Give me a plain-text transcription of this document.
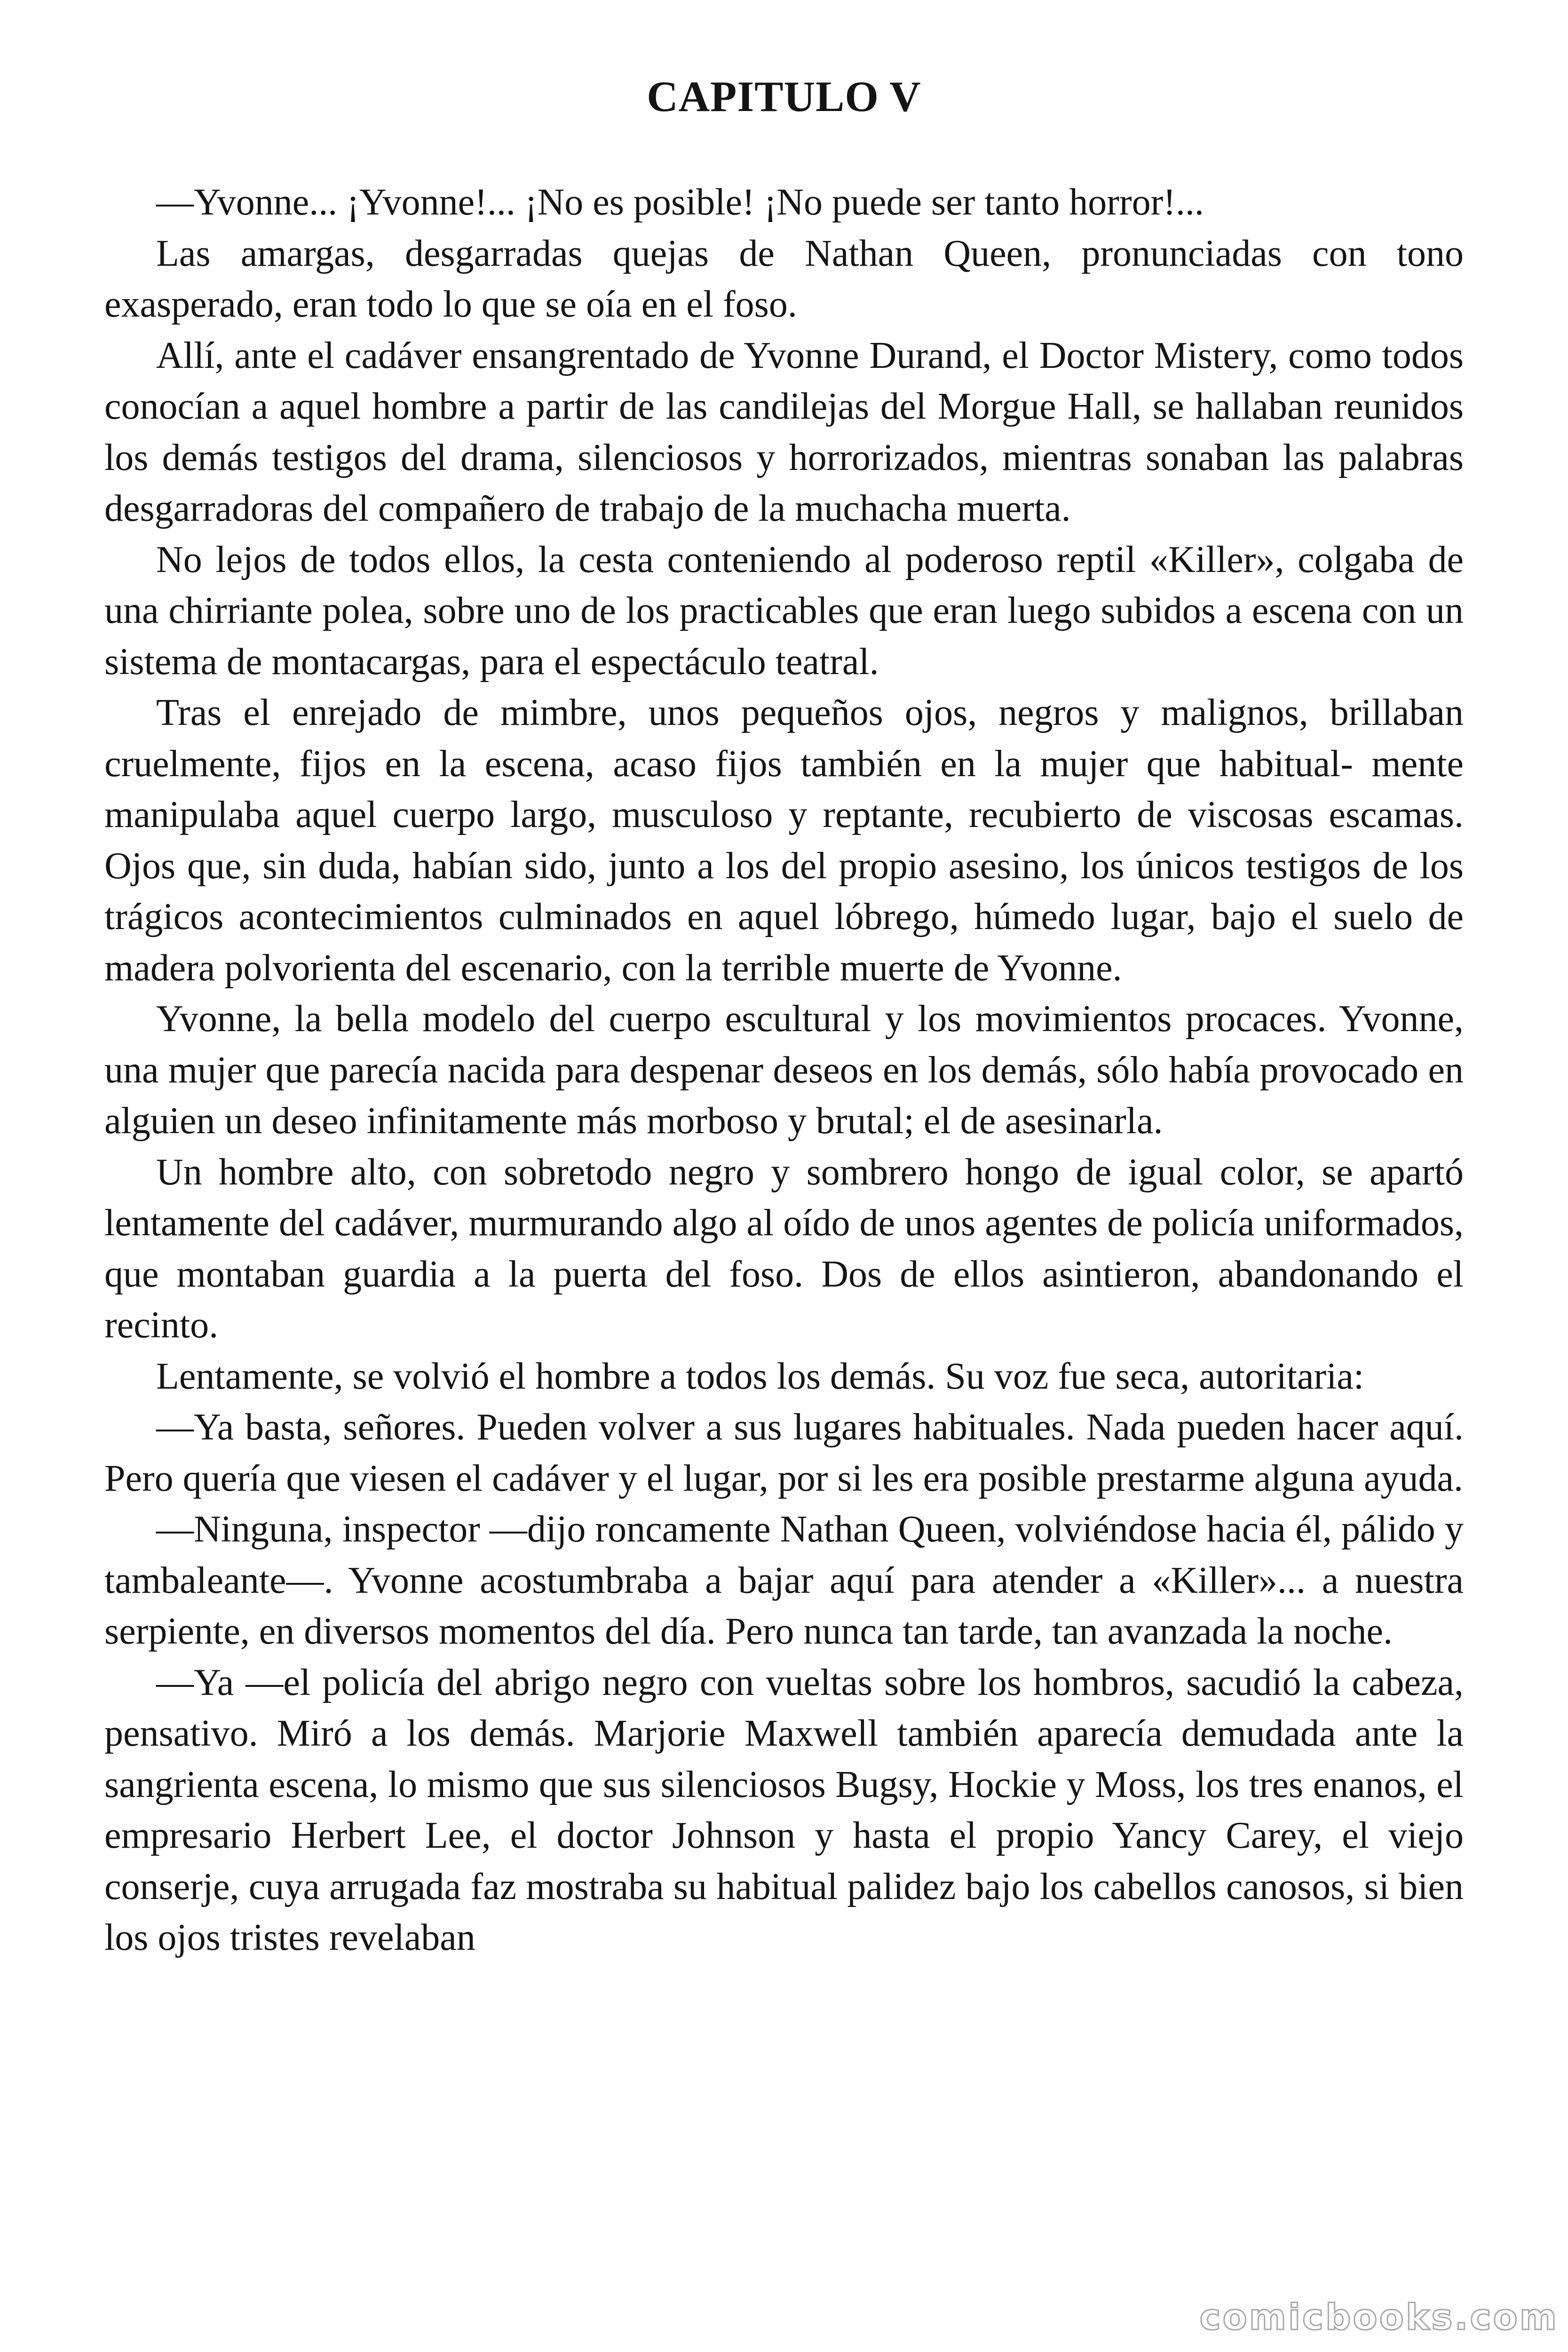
CAPITULO V

—Yvonne... ¡Yvonne!... ¡No es posible! ¡No puede ser tanto horror!...

Las amargas, desgarradas quejas de Nathan Queen, pronunciadas con tono exasperado, eran todo lo que se oía en el foso.

Allí, ante el cadáver ensangrentado de Yvonne Durand, el Doctor Mistery, como todos conocían a aquel hombre a partir de las candilejas del Morgue Hall, se hallaban reunidos los demás testigos del drama, silenciosos y horrorizados, mientras sonaban las palabras desgarradoras del compañero de trabajo de la muchacha muerta.

No lejos de todos ellos, la cesta conteniendo al poderoso reptil «Killer», colgaba de una chirriante polea, sobre uno de los practicables que eran luego subidos a escena con un sistema de montacargas, para el espectáculo teatral.

Tras el enrejado de mimbre, unos pequeños ojos, negros y malignos, brillaban cruelmente, fijos en la escena, acaso fijos también en la mujer que habitual- mente manipulaba aquel cuerpo largo, musculoso y reptante, recubierto de viscosas escamas. Ojos que, sin duda, habían sido, junto a los del propio asesino, los únicos testigos de los trágicos acontecimientos culminados en aquel lóbrego, húmedo lugar, bajo el suelo de madera polvorienta del escenario, con la terrible muerte de Yvonne.

Yvonne, la bella modelo del cuerpo escultural y los movimientos procaces. Yvonne, una mujer que parecía nacida para despenar deseos en los demás, sólo había provocado en alguien un deseo infinitamente más morboso y brutal; el de asesinarla.

Un hombre alto, con sobretodo negro y sombrero hongo de igual color, se apartó lentamente del cadáver, murmurando algo al oído de unos agentes de policía uniformados, que montaban guardia a la puerta del foso. Dos de ellos asintieron, abandonando el recinto.

Lentamente, se volvió el hombre a todos los demás. Su voz fue seca, autoritaria:

—Ya basta, señores. Pueden volver a sus lugares habituales. Nada pueden hacer aquí. Pero quería que viesen el cadáver y el lugar, por si les era posible prestarme alguna ayuda.

—Ninguna, inspector —dijo roncamente Nathan Queen, volviéndose hacia él, pálido y tambaleante—. Yvonne acostumbraba a bajar aquí para atender a «Killer»... a nuestra serpiente, en diversos momentos del día. Pero nunca tan tarde, tan avanzada la noche.

—Ya —el policía del abrigo negro con vueltas sobre los hombros, sacudió la cabeza, pensativo. Miró a los demás. Marjorie Maxwell también aparecía demudada ante la sangrienta escena, lo mismo que sus silenciosos Bugsy, Hockie y Moss, los tres enanos, el empresario Herbert Lee, el doctor Johnson y hasta el propio Yancy Carey, el viejo conserje, cuya arrugada faz mostraba su habitual palidez bajo los cabellos canosos, si bien los ojos tristes revelaban

comicbooks.com
